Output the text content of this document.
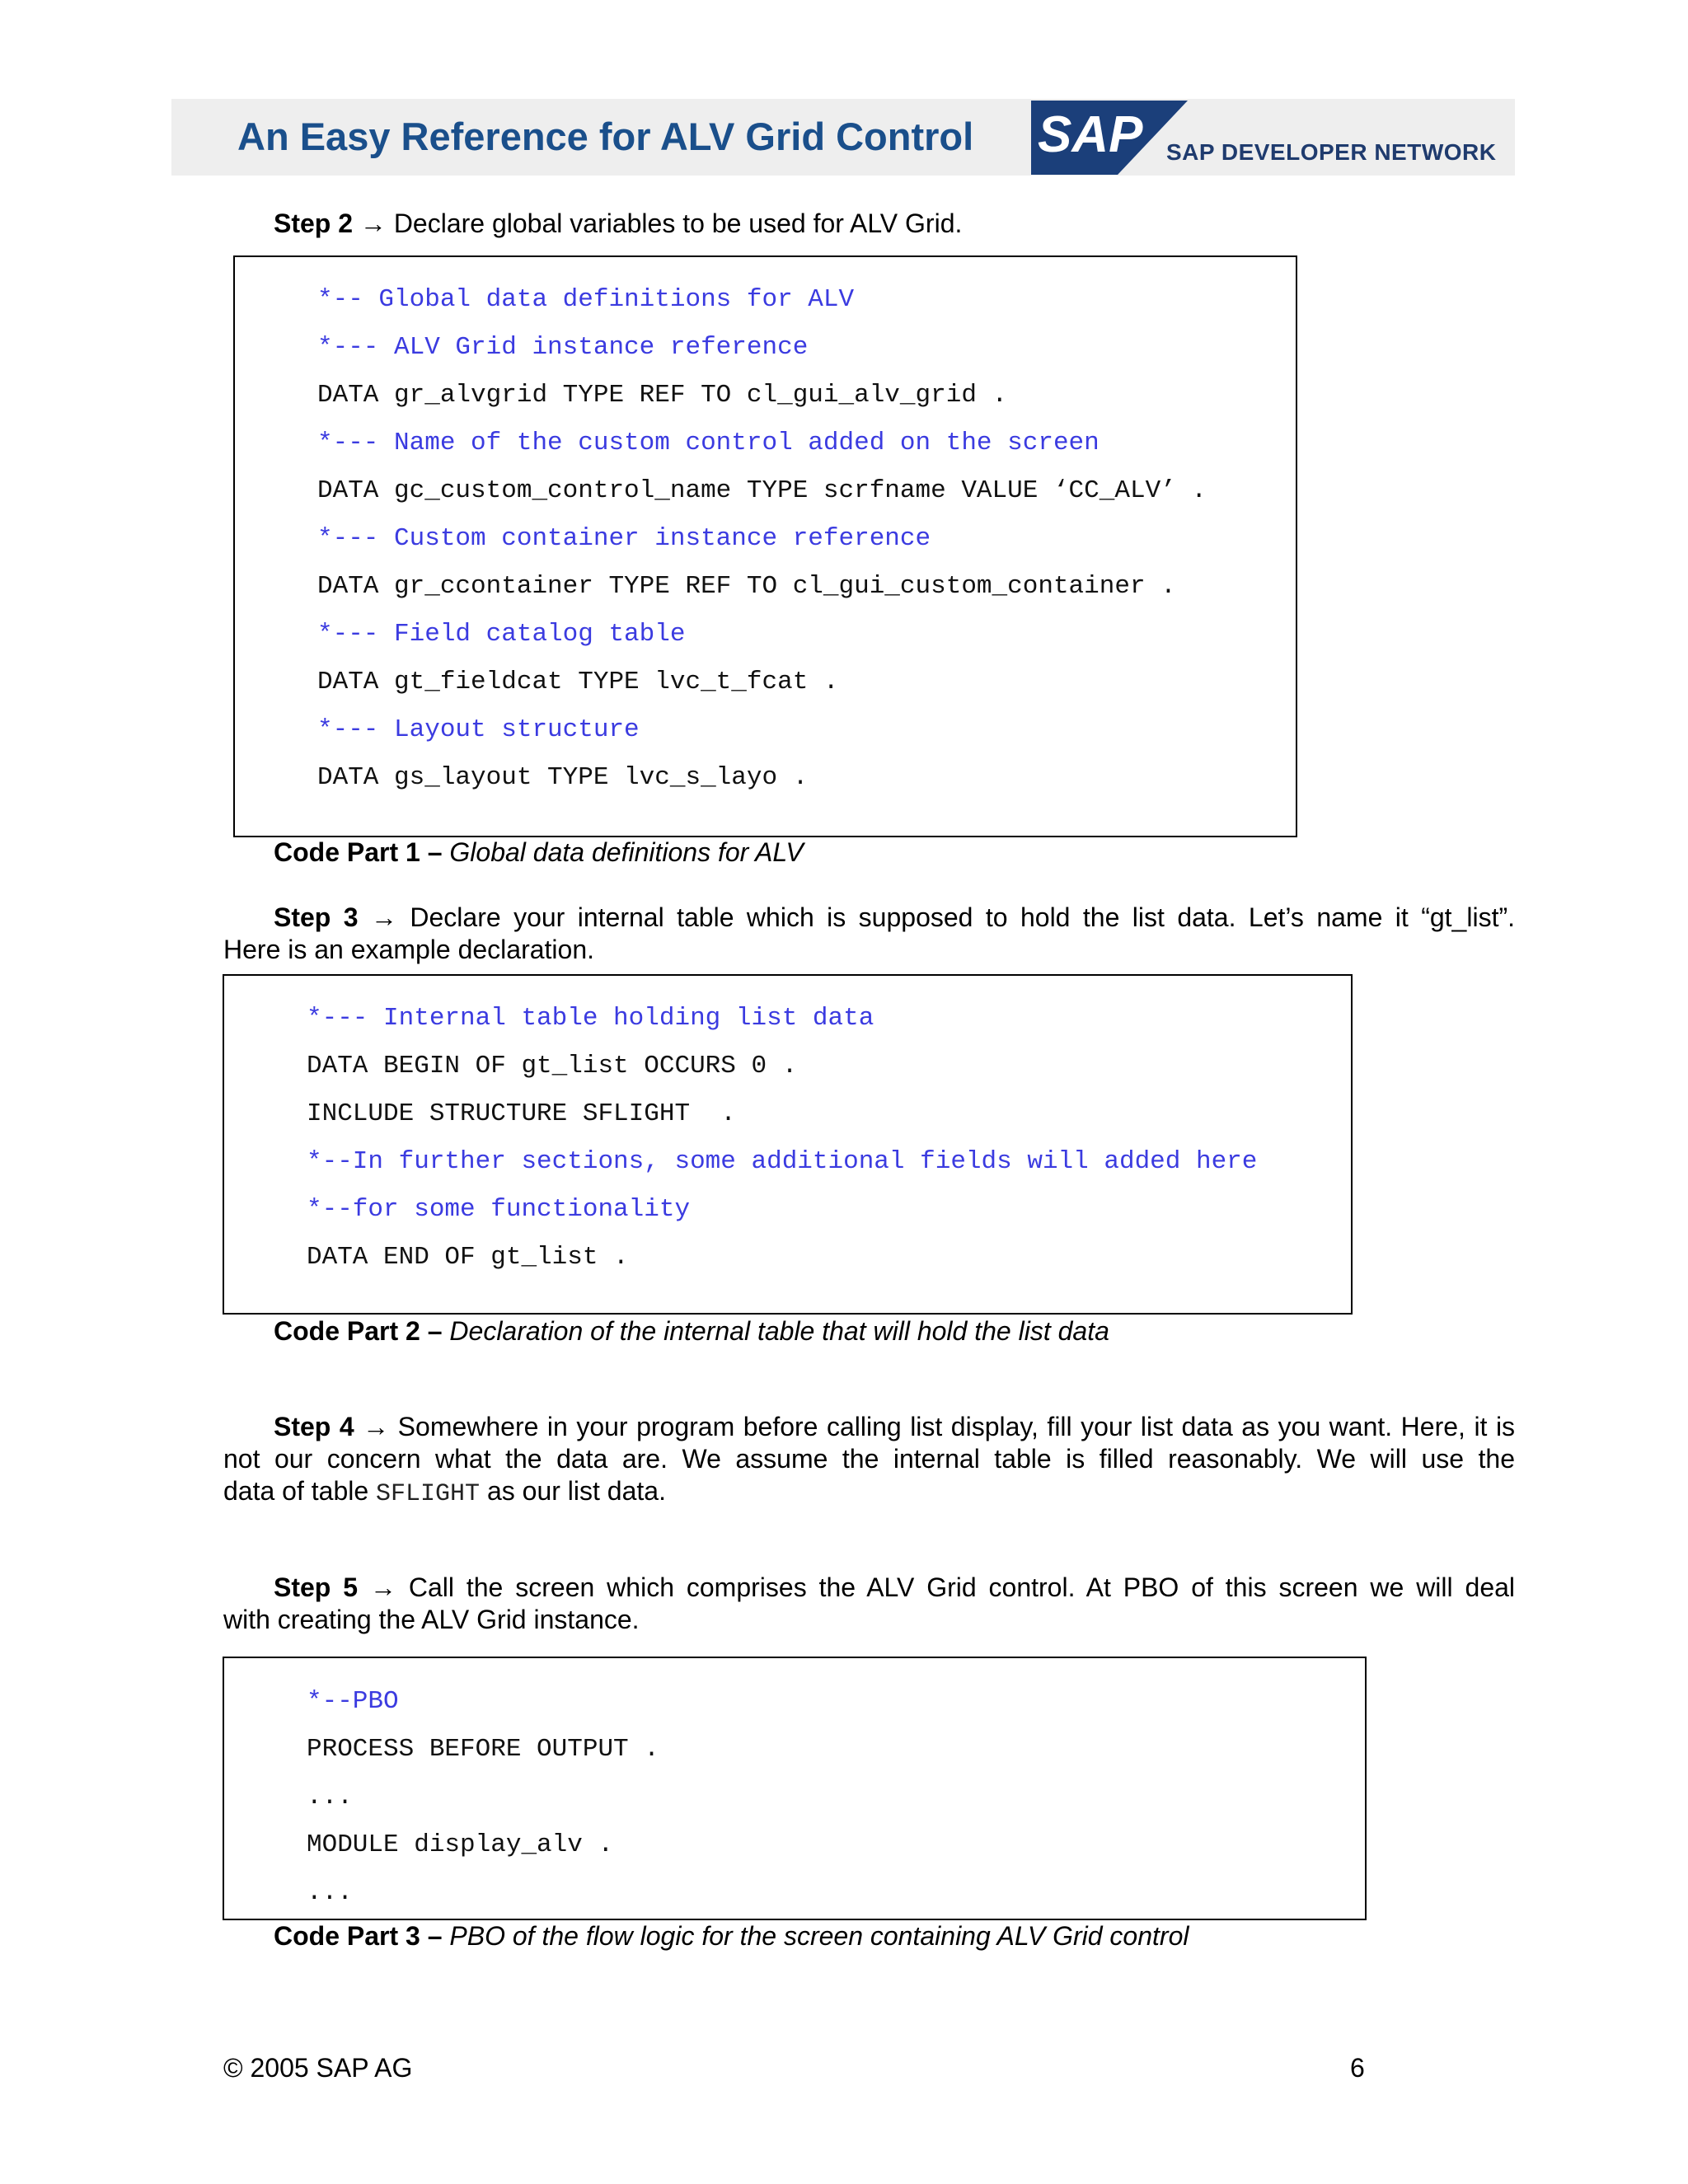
An Easy Reference for ALV Grid Control SAP SAP DEVELOPER NETWORK
Step 2 → Declare global variables to be used for ALV Grid.
*-- Global data definitions for ALV
*--- ALV Grid instance reference
DATA gr_alvgrid TYPE REF TO cl_gui_alv_grid .
*--- Name of the custom control added on the screen
DATA gc_custom_control_name TYPE scrfname VALUE ‘CC_ALV’ .
*--- Custom container instance reference
DATA gr_ccontainer TYPE REF TO cl_gui_custom_container .
*--- Field catalog table
DATA gt_fieldcat TYPE lvc_t_fcat .
*--- Layout structure
DATA gs_layout TYPE lvc_s_layo .
Code Part 1 – Global data definitions for ALV
Step 3 → Declare your internal table which is supposed to hold the list data. Let’s name it “gt_list”.
Here is an example declaration.
*--- Internal table holding list data
DATA BEGIN OF gt_list OCCURS 0 .
INCLUDE STRUCTURE SFLIGHT  .
*--In further sections, some additional fields will added here
*--for some functionality
DATA END OF gt_list .
Code Part 2 – Declaration of the internal table that will hold the list data
Step 4 → Somewhere in your program before calling list display, fill your list data as you want. Here, it is not our concern what the data are. We assume the internal table is filled reasonably. We will use the
data of table SFLIGHT as our list data.
Step 5 → Call the screen which comprises the ALV Grid control. At PBO of this screen we will deal
with creating the ALV Grid instance.
*--PBO
PROCESS BEFORE OUTPUT .
...
MODULE display_alv .
...
Code Part 3 – PBO of the flow logic for the screen containing ALV Grid control
© 2005 SAP AG	6
